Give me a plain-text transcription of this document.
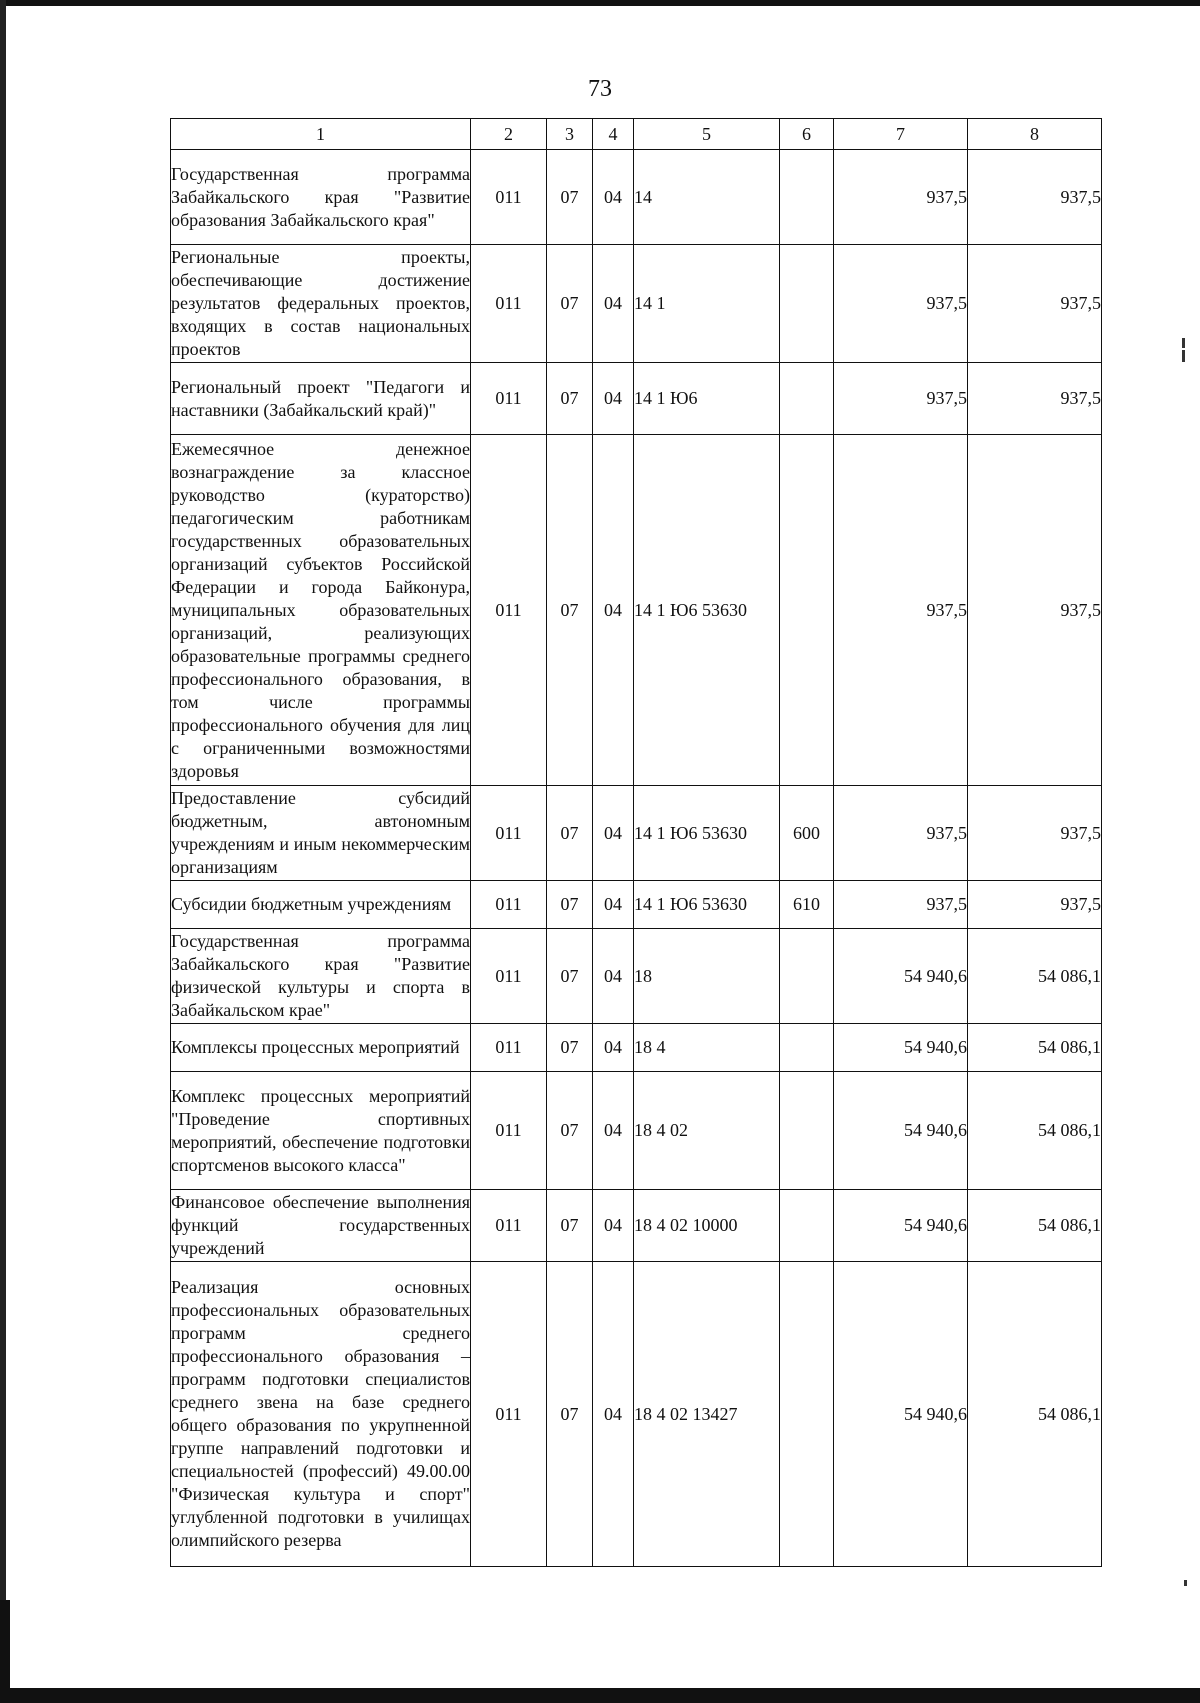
73
1	2	3	4	5	6	7	8
Государственная программа Забайкальского края "Развитие образования Забайкальского края"	011	07	04	14		937,5	937,5
Региональные проекты, обеспечивающие достижение результатов федеральных проектов, входящих в состав национальных проектов	011	07	04	14 1		937,5	937,5
Региональный проект "Педагоги и наставники (Забайкальский край)"	011	07	04	14 1 Ю6		937,5	937,5
Ежемесячное денежное вознаграждение за классное руководство (кураторство) педагогическим работникам государственных образовательных организаций субъектов Российской Федерации и города Байконура, муниципальных образовательных организаций, реализующих образовательные программы среднего профессионального образования, в том числе программы профессионального обучения для лиц с ограниченными возможностями здоровья	011	07	04	14 1 Ю6 53630		937,5	937,5
Предоставление субсидий бюджетным, автономным учреждениям и иным некоммерческим организациям	011	07	04	14 1 Ю6 53630	600	937,5	937,5
Субсидии бюджетным учреждениям	011	07	04	14 1 Ю6 53630	610	937,5	937,5
Государственная программа Забайкальского края "Развитие физической культуры и спорта в Забайкальском крае"	011	07	04	18		54 940,6	54 086,1
Комплексы процессных мероприятий	011	07	04	18 4		54 940,6	54 086,1
Комплекс процессных мероприятий "Проведение спортивных мероприятий, обеспечение подготовки спортсменов высокого класса"	011	07	04	18 4 02		54 940,6	54 086,1
Финансовое обеспечение выполнения функций государственных учреждений	011	07	04	18 4 02 10000		54 940,6	54 086,1
Реализация основных профессиональных образовательных программ среднего профессионального образования – программ подготовки специалистов среднего звена на базе среднего общего образования по укрупненной группе направлений подготовки и специальностей (профессий) 49.00.00 "Физическая культура и спорт" углубленной подготовки в училищах олимпийского резерва	011	07	04	18 4 02 13427		54 940,6	54 086,1
